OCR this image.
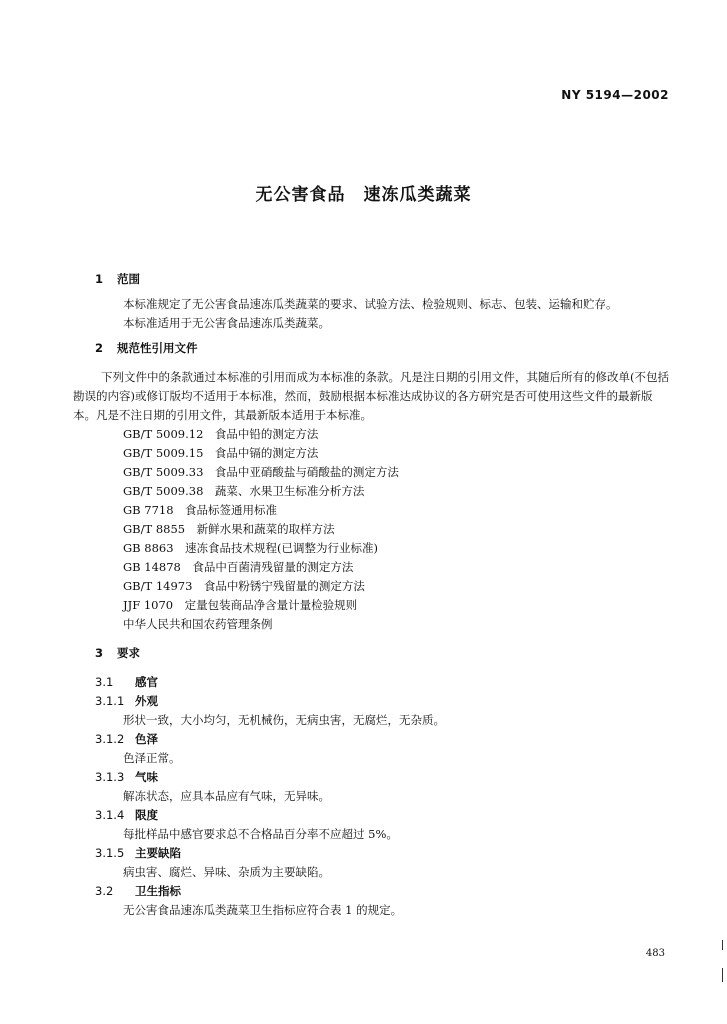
NY 5194—2002
无公害食品　速冻瓜类蔬菜

1 范围

本标准规定了无公害食品速冻瓜类蔬菜的要求、试验方法、检验规则、标志、包装、运输和贮存。

本标准适用于无公害食品速冻瓜类蔬菜。

2 规范性引用文件

下列文件中的条款通过本标准的引用而成为本标准的条款。凡是注日期的引用文件，其随后所有的修改单(不包括勘误的内容)或修订版均不适用于本标准，然而，鼓励根据本标准达成协议的各方研究是否可使用这些文件的最新版本。凡是不注日期的引用文件，其最新版本适用于本标准。

GB/T 5009.12　食品中铅的测定方法

GB/T 5009.15　食品中镉的测定方法

GB/T 5009.33　食品中亚硝酸盐与硝酸盐的测定方法

GB/T 5009.38　蔬菜、水果卫生标准分析方法

GB 7718　食品标签通用标准

GB/T 8855　新鲜水果和蔬菜的取样方法

GB 8863　速冻食品技术规程(已调整为行业标准)

GB 14878　食品中百菌清残留量的测定方法

GB/T 14973　食品中粉锈宁残留量的测定方法

JJF 1070　定量包装商品净含量计量检验规则

中华人民共和国农药管理条例

3 要求

3.1 感官

3.1.1 外观

形状一致，大小均匀，无机械伤，无病虫害，无腐烂，无杂质。

3.1.2 色泽

色泽正常。

3.1.3 气味

解冻状态，应具本品应有气味，无异味。

3.1.4 限度

每批样品中感官要求总不合格品百分率不应超过 5%。

3.1.5 主要缺陷

病虫害、腐烂、异味、杂质为主要缺陷。

3.2 卫生指标

无公害食品速冻瓜类蔬菜卫生指标应符合表 1 的规定。

483
